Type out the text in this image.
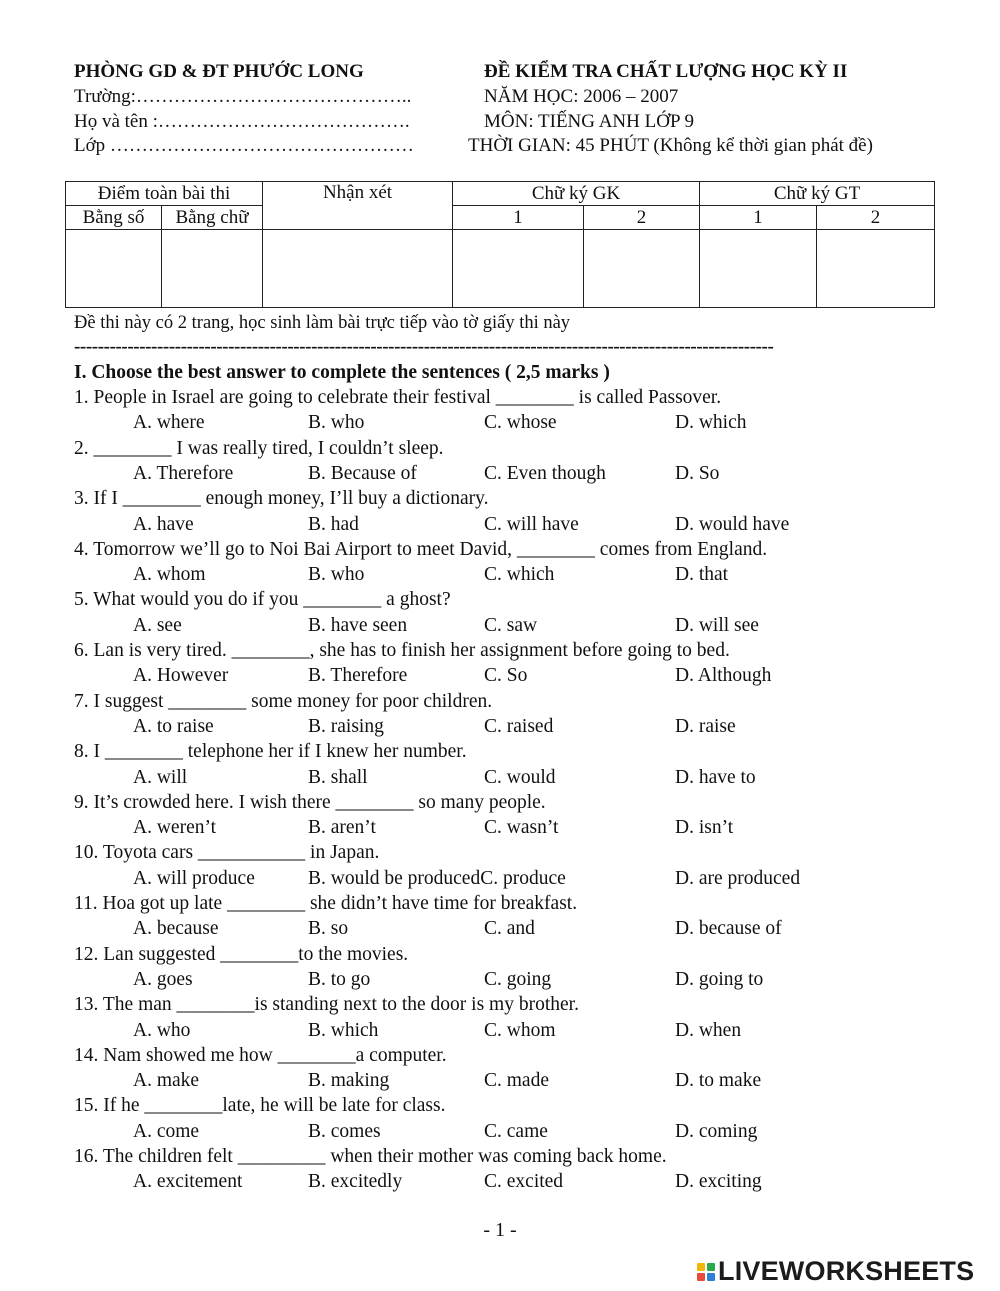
PHÒNG GD & ĐT PHƯỚC LONG
Trường:……………………………………..
Họ và tên :………………………………….
Lớp …………………………………………
ĐỀ KIỂM TRA CHẤT LƯỢNG HỌC KỲ II
NĂM HỌC: 2006 – 2007
MÔN: TIẾNG ANH LỚP 9
THỜI GIAN: 45 PHÚT (Không kể thời gian phát đề)
Điểm toàn bài thi		Nhận xét	Chữ ký GK		Chữ ký GT	
Bằng số	Bằng chữ		1	2	1	2

Đề thi này có 2 trang, học sinh làm bài trực tiếp vào tờ giấy thi này
----------------------------------------------------------------------------------------------------------------------
I. Choose the best answer to complete the sentences ( 2,5 marks )
1. People in Israel are going to celebrate their festival ________ is called Passover.
A. where	B. who	C. whose	D. which
2. ________ I was really tired, I couldn’t sleep.
A. Therefore	B. Because of	C. Even though	D. So
3. If I ________ enough money, I’ll buy a dictionary.
A. have	B. had	C. will have	D. would have
4. Tomorrow we’ll go to Noi Bai Airport to meet David, ________ comes from England.
A. whom	B. who	C. which	D. that
5. What would you do if you ________ a ghost?
A. see	B. have seen	C. saw	D. will see
6. Lan is very tired. ________, she has to finish her assignment before going to bed.
A. However	B. Therefore	C. So	D. Although
7. I suggest ________ some money for poor children.
A. to raise	B. raising	C. raised	D. raise
8. I ________ telephone her if I knew her number.
A. will	B. shall	C. would	D. have to
9. It’s crowded here. I wish there ________ so many people.
A. weren’t	B. aren’t	C. wasn’t	D. isn’t
10. Toyota cars ___________ in Japan.
A. will produce	B. would be producedC. produce	D. are produced
11. Hoa got up late ________ she didn’t have time for breakfast.
A. because	B. so	C. and	D. because of
12. Lan suggested ________to the movies.
A. goes	B. to go	C. going	D. going to
13. The man ________is standing next to the door is my brother.
A. who	B. which	C. whom	D. when
14. Nam showed me how ________a computer.
A. make	B. making	C. made	D. to make
15. If he ________late, he will be late for class.
A. come	B. comes	C. came	D. coming
16. The children felt _________ when their mother was coming back home.
A. excitement	B. excitedly	C. excited	D. exciting
- 1 -
LIVEWORKSHEETS
